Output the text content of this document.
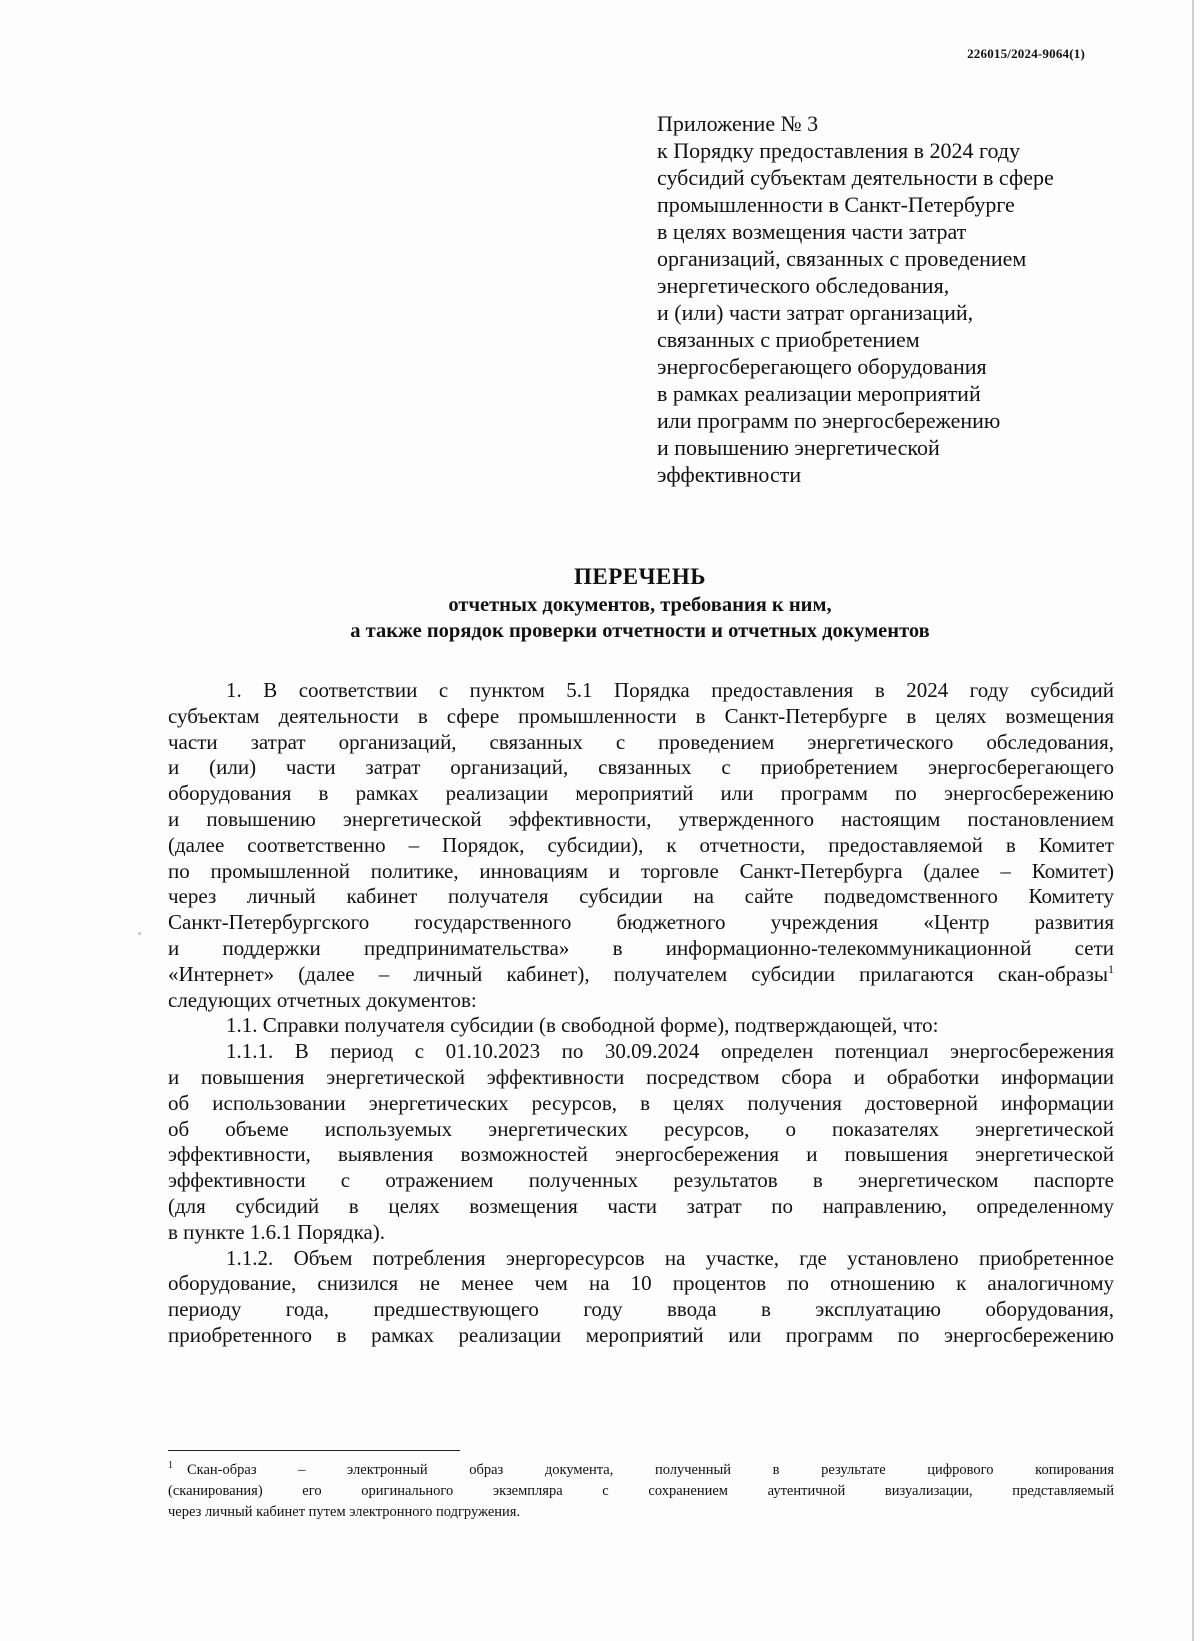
226015/2024-9064(1)
Приложение № 3
к Порядку предоставления в 2024 году
субсидий субъектам деятельности в сфере
промышленности в Санкт-Петербурге
в целях возмещения части затрат
организаций, связанных с проведением
энергетического обследования,
и (или) части затрат организаций,
связанных с приобретением
энергосберегающего оборудования
в рамках реализации мероприятий
или программ по энергосбережению
и повышению энергетической
эффективности
ПЕРЕЧЕНЬ
отчетных документов, требования к ним,
а также порядок проверки отчетности и отчетных документов
1. В соответствии с пунктом 5.1 Порядка предоставления в 2024 году субсидий
субъектам деятельности в сфере промышленности в Санкт-Петербурге в целях возмещения
части затрат организаций, связанных с проведением энергетического обследования,
и (или) части затрат организаций, связанных с приобретением энергосберегающего
оборудования в рамках реализации мероприятий или программ по энергосбережению
и повышению энергетической эффективности, утвержденного настоящим постановлением
(далее соответственно – Порядок, субсидии), к отчетности, предоставляемой в Комитет
по промышленной политике, инновациям и торговле Санкт-Петербурга (далее – Комитет)
через личный кабинет получателя субсидии на сайте подведомственного Комитету
Санкт-Петербургского государственного бюджетного учреждения «Центр развития
и поддержки предпринимательства» в информационно-телекоммуникационной сети
«Интернет» (далее – личный кабинет), получателем субсидии прилагаются скан-образы$^1$
следующих отчетных документов:
1.1. Справки получателя субсидии (в свободной форме), подтверждающей, что:
1.1.1. В период с 01.10.2023 по 30.09.2024 определен потенциал энергосбережения
и повышения энергетической эффективности посредством сбора и обработки информации
об использовании энергетических ресурсов, в целях получения достоверной информации
об объеме используемых энергетических ресурсов, о показателях энергетической
эффективности, выявления возможностей энергосбережения и повышения энергетической
эффективности с отражением полученных результатов в энергетическом паспорте
(для субсидий в целях возмещения части затрат по направлению, определенному
в пункте 1.6.1 Порядка).
1.1.2. Объем потребления энергоресурсов на участке, где установлено приобретенное
оборудование, снизился не менее чем на 10 процентов по отношению к аналогичному
периоду года, предшествующего году ввода в эксплуатацию оборудования,
приобретенного в рамках реализации мероприятий или программ по энергосбережению
$^1$ Скан-образ – электронный образ документа, полученный в результате цифрового копирования
(сканирования) его оригинального экземпляра с сохранением аутентичной визуализации, представляемый
через личный кабинет путем электронного подгружения.
